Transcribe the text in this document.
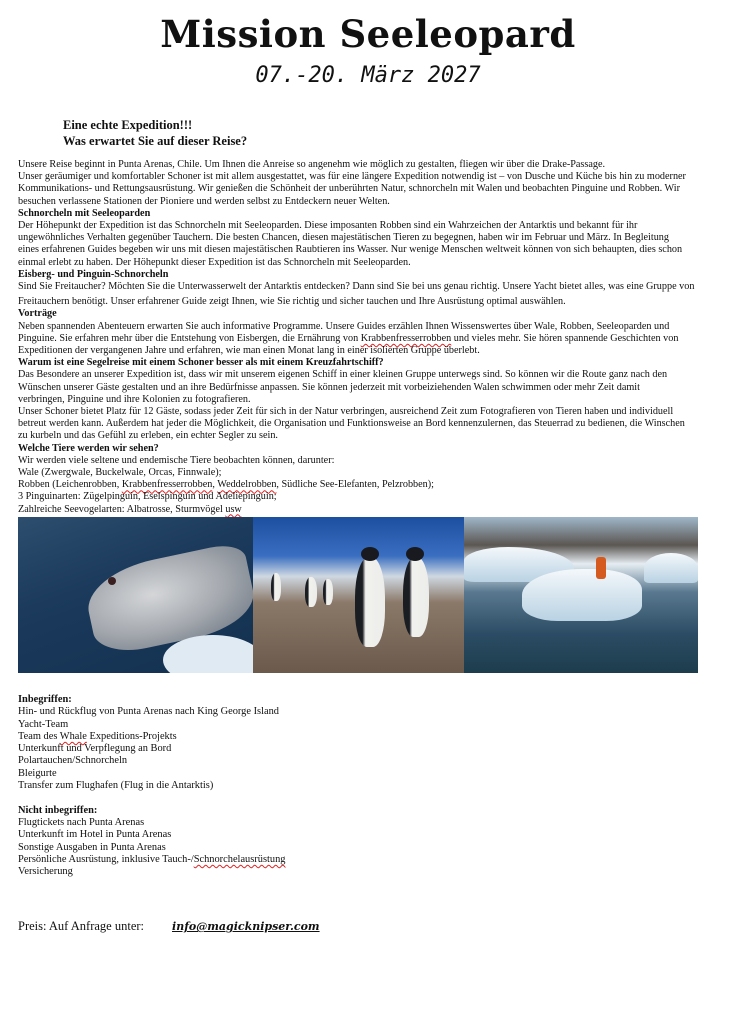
Mission Seeleopard
07.-20. März 2027
Eine echte Expedition!!!
Was erwartet Sie auf dieser Reise?

Unsere Reise beginnt in Punta Arenas, Chile. Um Ihnen die Anreise so angenehm wie möglich zu gestalten, fliegen wir über die Drake-Passage.

Unser geräumiger und komfortabler Schoner ist mit allem ausgestattet, was für eine längere Expedition notwendig ist – von Dusche und Küche bis hin zu moderner

Kommunikations- und Rettungsausrüstung. Wir genießen die Schönheit der unberührten Natur, schnorcheln mit Walen und beobachten Pinguine und Robben. Wir

besuchen verlassene Stationen der Pioniere und werden selbst zu Entdeckern neuer Welten.

Schnorcheln mit Seeleoparden

Der Höhepunkt der Expedition ist das Schnorcheln mit Seeleoparden. Diese imposanten Robben sind ein Wahrzeichen der Antarktis und bekannt für ihr

ungewöhnliches Verhalten gegenüber Tauchern. Die besten Chancen, diesen majestätischen Tieren zu begegnen, haben wir im Februar und März. In Begleitung

eines erfahrenen Guides begeben wir uns mit diesen majestätischen Raubtieren ins Wasser. Nur wenige Menschen weltweit können von sich behaupten, dies schon

einmal erlebt zu haben. Der Höhepunkt dieser Expedition ist das Schnorcheln mit Seeleoparden.

Eisberg- und Pinguin-Schnorcheln

Sind Sie Freitaucher? Möchten Sie die Unterwasserwelt der Antarktis entdecken? Dann sind Sie bei uns genau richtig. Unsere Yacht bietet alles, was eine Gruppe von

Freitauchern benötigt. Unser erfahrener Guide zeigt Ihnen, wie Sie richtig und sicher tauchen und Ihre Ausrüstung optimal auswählen.

Vorträge

Neben spannenden Abenteuern erwarten Sie auch informative Programme. Unsere Guides erzählen Ihnen Wissenswertes über Wale, Robben, Seeleoparden und

Pinguine. Sie erfahren mehr über die Entstehung von Eisbergen, die Ernährung von Krabbenfresserrobben und vieles mehr. Sie hören spannende Geschichten von

Expeditionen der vergangenen Jahre und erfahren, wie man einen Monat lang in einer isolierten Gruppe überlebt.

Warum ist eine Segelreise mit einem Schoner besser als mit einem Kreuzfahrtschiff?

Das Besondere an unserer Expedition ist, dass wir mit unserem eigenen Schiff in einer kleinen Gruppe unterwegs sind. So können wir die Route ganz nach den

Wünschen unserer Gäste gestalten und an ihre Bedürfnisse anpassen. Sie können jederzeit mit vorbeiziehenden Walen schwimmen oder mehr Zeit damit

verbringen, Pinguine und ihre Kolonien zu fotografieren.

Unser Schoner bietet Platz für 12 Gäste, sodass jeder Zeit für sich in der Natur verbringen, ausreichend Zeit zum Fotografieren von Tieren haben und individuell

betreut werden kann. Außerdem hat jeder die Möglichkeit, die Organisation und Funktionsweise an Bord kennenzulernen, das Steuerrad zu bedienen, die Winschen

zu kurbeln und das Gefühl zu erleben, ein echter Segler zu sein.

Welche Tiere werden wir sehen?

Wir werden viele seltene und endemische Tiere beobachten können, darunter:

Wale (Zwergwale, Buckelwale, Orcas, Finnwale);

Robben (Leichenrobben, Krabbenfresserrobben, Weddelrobben, Südliche See-Elefanten, Pelzrobben);

3 Pinguinarten: Zügelpinguin, Eselspinguin und Adeliepinguin;

Zahlreiche Seevogelarten: Albatrosse, Sturmvögel usw

Inbegriffen:

Hin- und Rückflug von Punta Arenas nach King George Island

Yacht-Team

Team des Whale Expeditions-Projekts

Unterkunft und Verpflegung an Bord

Polartauchen/Schnorcheln

Bleigurte

Transfer zum Flughafen (Flug in die Antarktis)

Nicht inbegriffen:

Flugtickets nach Punta Arenas

Unterkunft im Hotel in Punta Arenas

Sonstige Ausgaben in Punta Arenas

Persönliche Ausrüstung, inklusive Tauch-/Schnorchelausrüstung

Versicherung

Preis: Auf Anfrage unter:	info@magicknipser.com
